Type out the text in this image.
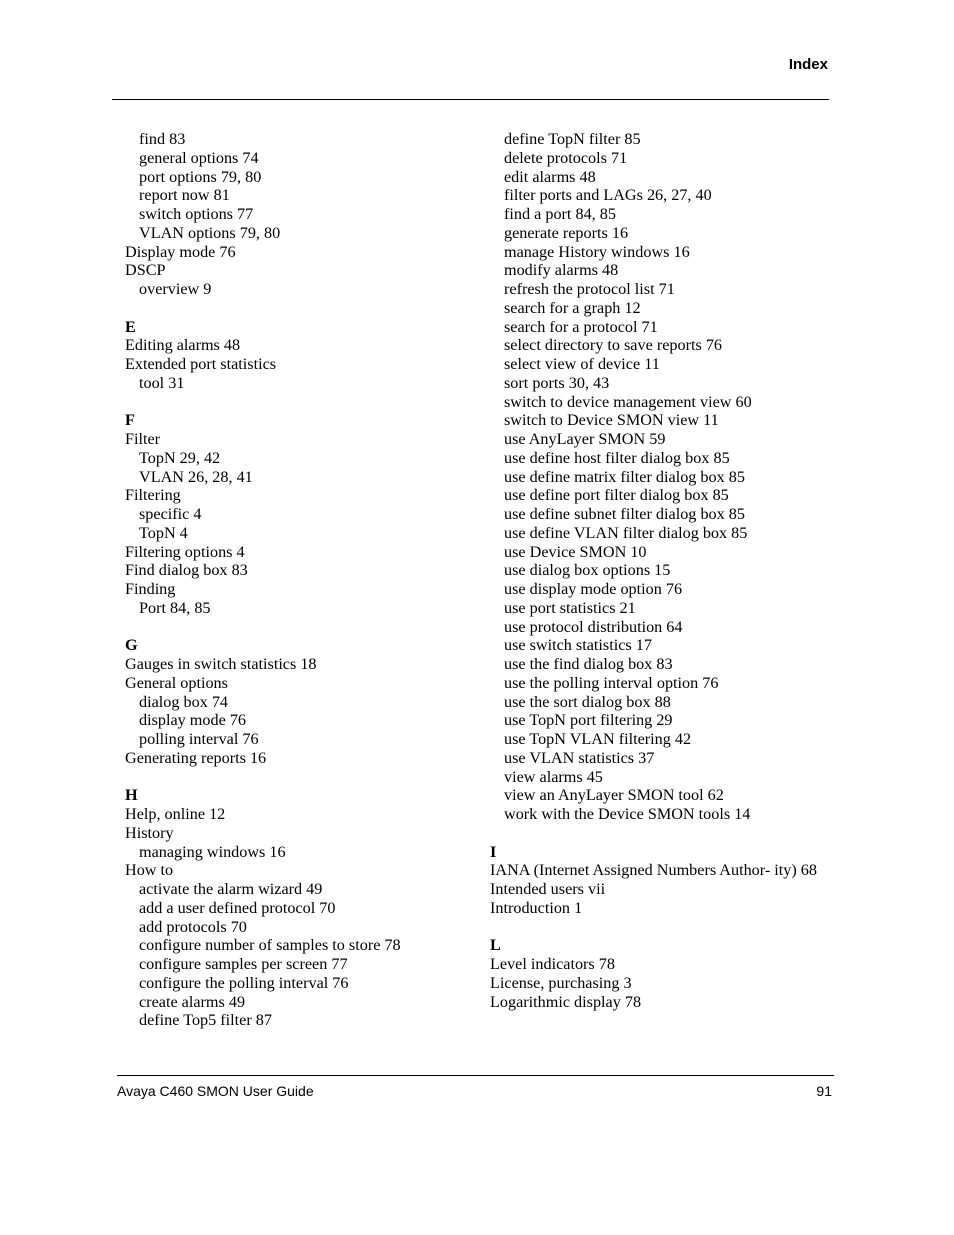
Index
find 83
general options 74
port options 79, 80
report now 81
switch options 77
VLAN options 79, 80
Display mode 76
DSCP
overview 9
E
Editing alarms 48
Extended port statistics
tool 31
F
Filter
TopN 29, 42
VLAN 26, 28, 41
Filtering
specific 4
TopN 4
Filtering options 4
Find dialog box 83
Finding
Port 84, 85
G
Gauges in switch statistics 18
General options
dialog box 74
display mode 76
polling interval 76
Generating reports 16
H
Help, online 12
History
managing windows 16
How to
activate the alarm wizard 49
add a user defined protocol 70
add protocols 70
configure number of samples to store 78
configure samples per screen 77
configure the polling interval 76
create alarms 49
define Top5 filter 87
define TopN filter 85
delete protocols 71
edit alarms 48
filter ports and LAGs 26, 27, 40
find a port 84, 85
generate reports 16
manage History windows 16
modify alarms 48
refresh the protocol list 71
search for a graph 12
search for a protocol 71
select directory to save reports 76
select view of device 11
sort ports 30, 43
switch to device management view 60
switch to Device SMON view 11
use AnyLayer SMON 59
use define host filter dialog box 85
use define matrix filter dialog box 85
use define port filter dialog box 85
use define subnet filter dialog box 85
use define VLAN filter dialog box 85
use Device SMON 10
use dialog box options 15
use display mode option 76
use port statistics 21
use protocol distribution 64
use switch statistics 17
use the find dialog box 83
use the polling interval option 76
use the sort dialog box 88
use TopN port filtering 29
use TopN VLAN filtering 42
use VLAN statistics 37
view alarms 45
view an AnyLayer SMON tool 62
work with the Device SMON tools 14
I
IANA (Internet Assigned Numbers Author- ity) 68
Intended users vii
Introduction 1
L
Level indicators 78
License, purchasing 3
Logarithmic display 78
Avaya C460 SMON User Guide	91
